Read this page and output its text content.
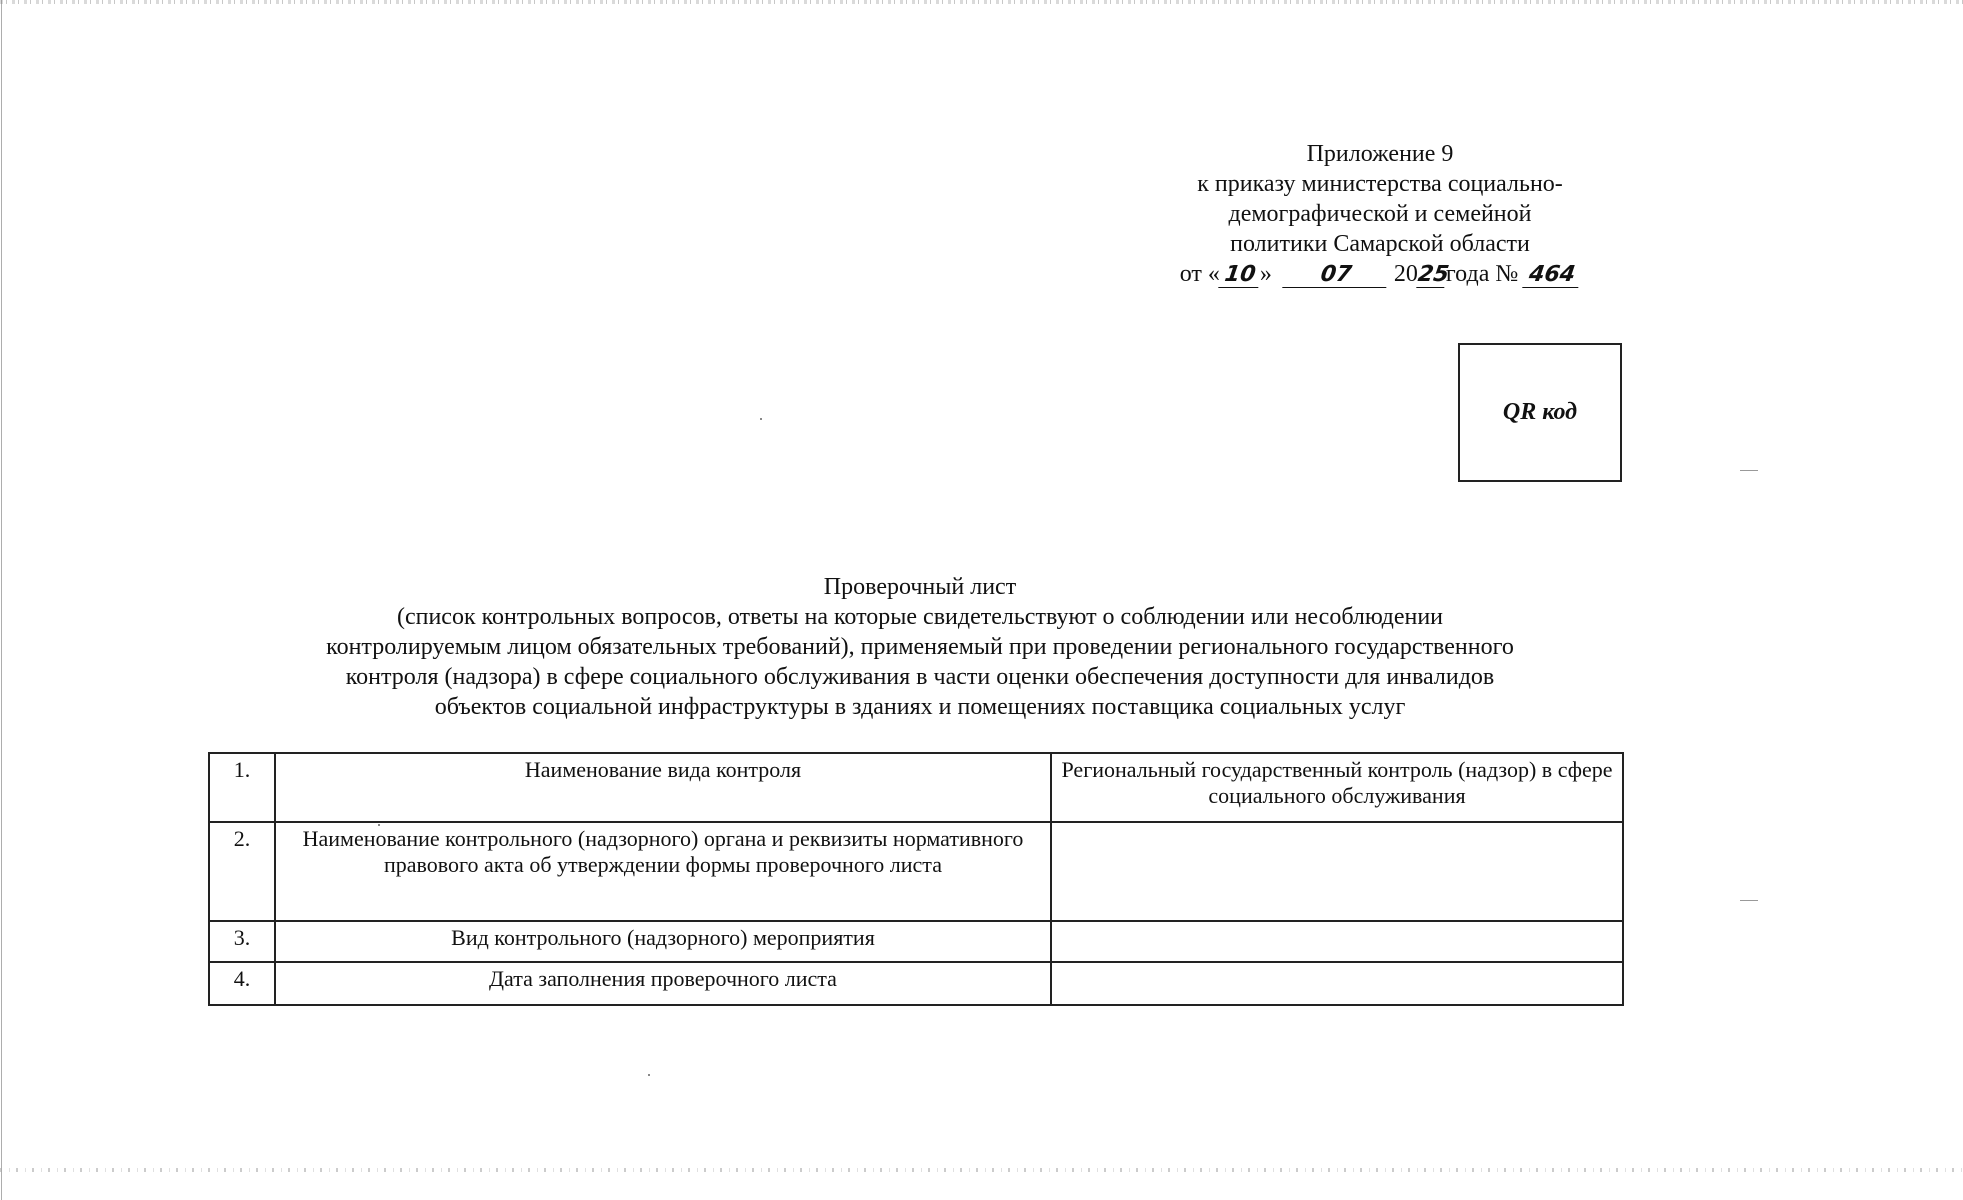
Приложение 9
к приказу министерства социально-
демографической и семейной
политики Самарской области
от « 10 » 07 2025года № 464
QR код
Проверочный лист
(список контрольных вопросов, ответы на которые свидетельствуют о соблюдении или несоблюдении
контролируемым лицом обязательных требований), применяемый при проведении регионального государственного
контроля (надзора) в сфере социального обслуживания в части оценки обеспечения доступности для инвалидов
объектов социальной инфраструктуры в зданиях и помещениях поставщика социальных услуг
1.	Наименование вида контроля	Региональный государственный контроль (надзор) в сфере социального обслуживания
2.	Наименование контрольного (надзорного) органа и реквизиты нормативного правового акта об утверждении формы проверочного листа	
3.	Вид контрольного (надзорного) мероприятия	
4.	Дата заполнения проверочного листа	
